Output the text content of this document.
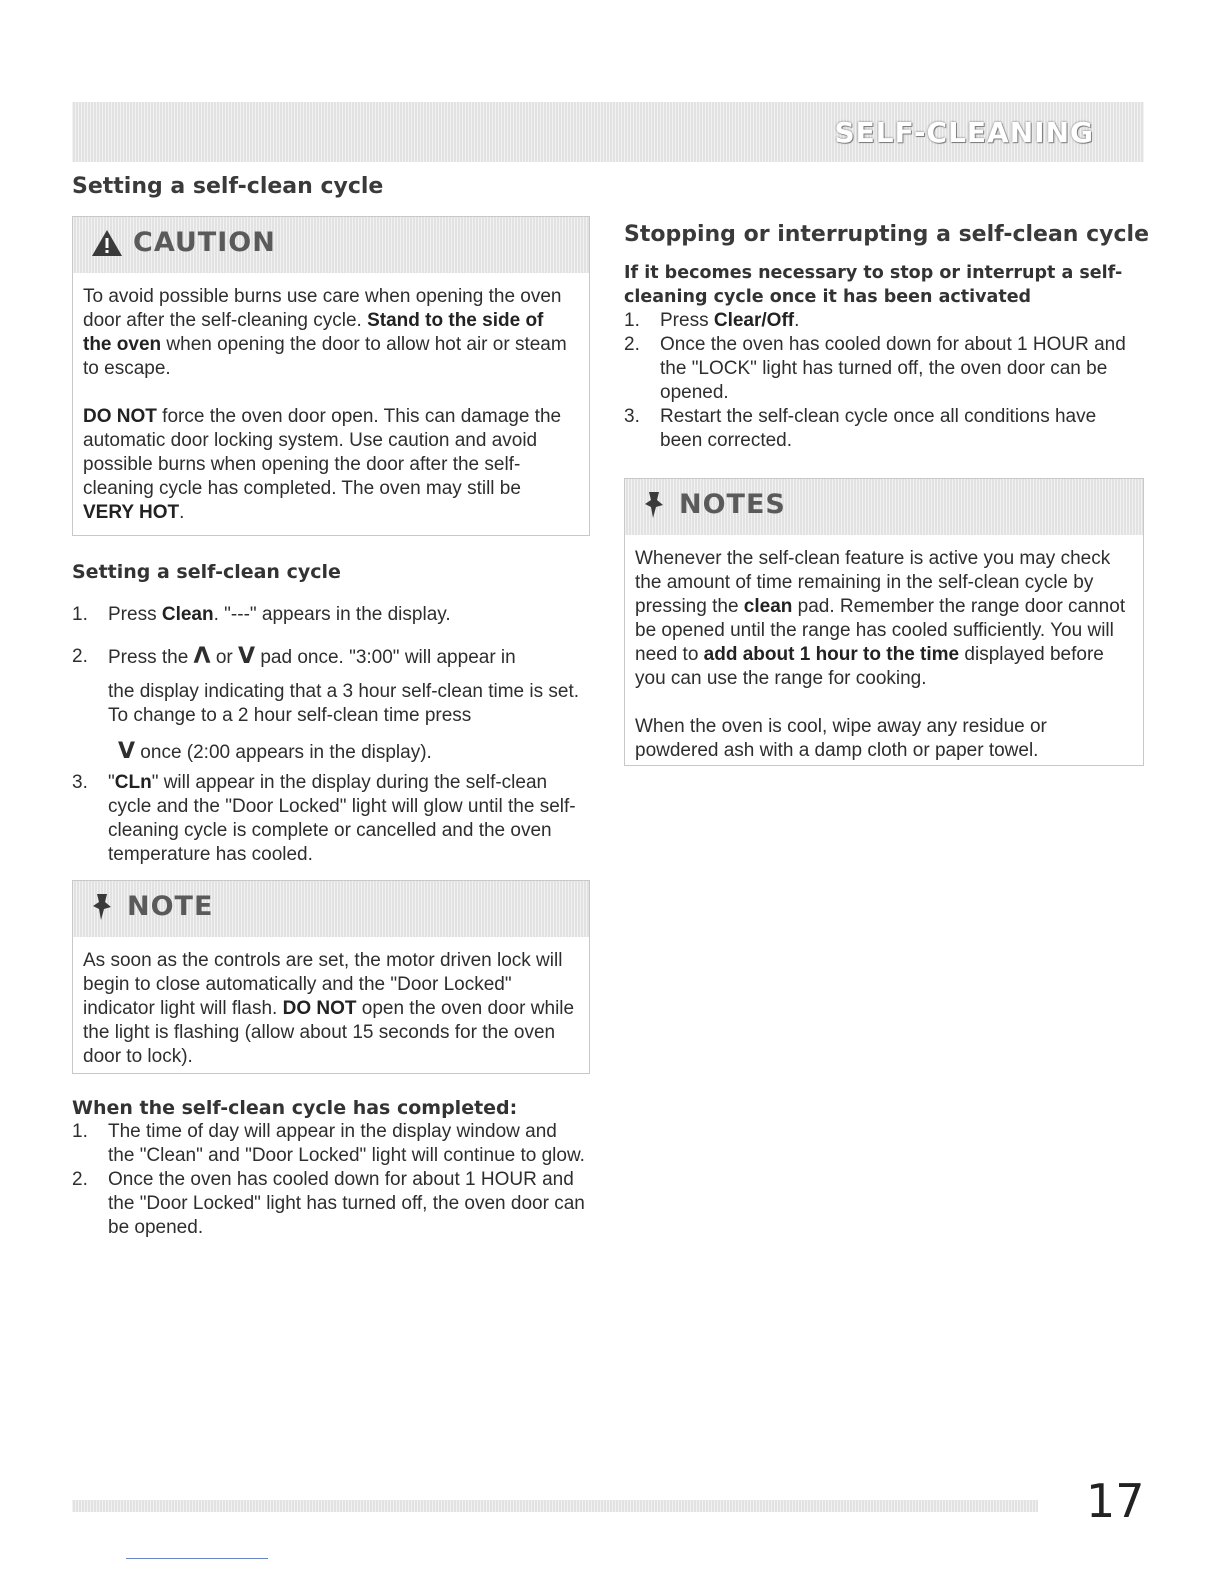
SELF-CLEANING
Setting a self-clean cycle
CAUTION

To avoid possible burns use care when opening the oven door after the self-cleaning cycle. Stand to the side of the oven when opening the door to allow hot air or steam to escape.

DO NOT force the oven door open. This can damage the automatic door locking system. Use caution and avoid possible burns when opening the door after the self-cleaning cycle has completed. The oven may still be VERY HOT.

Setting a self-clean cycle
1. Press Clean. "---" appears in the display.
2. Press the Λ or V pad once. "3:00" will appear in
the display indicating that a 3 hour self-clean time is set. To change to a 2 hour self-clean time press
V once (2:00 appears in the display).
3. "CLn" will appear in the display during the self-clean cycle and the "Door Locked" light will glow until the self-cleaning cycle is complete or cancelled and the oven temperature has cooled.
NOTE

As soon as the controls are set, the motor driven lock will begin to close automatically and the "Door Locked" indicator light will flash. DO NOT open the oven door while the light is flashing (allow about 15 seconds for the oven door to lock).

When the self-clean cycle has completed:
1. The time of day will appear in the display window and the "Clean" and "Door Locked" light will continue to glow.
2. Once the oven has cooled down for about 1 HOUR and the "Door Locked" light has turned off, the oven door can be opened.
Stopping or interrupting a self-clean cycle
If it becomes necessary to stop or interrupt a self-cleaning cycle once it has been activated
1. Press Clear/Off.
2. Once the oven has cooled down for about 1 HOUR and the "LOCK" light has turned off, the oven door can be opened.
3. Restart the self-clean cycle once all conditions have been corrected.
NOTES

Whenever the self-clean feature is active you may check the amount of time remaining in the self-clean cycle by pressing the clean pad. Remember the range door cannot be opened until the range has cooled sufficiently. You will need to add about 1 hour to the time displayed before you can use the range for cooking.

When the oven is cool, wipe away any residue or powdered ash with a damp cloth or paper towel.

17
